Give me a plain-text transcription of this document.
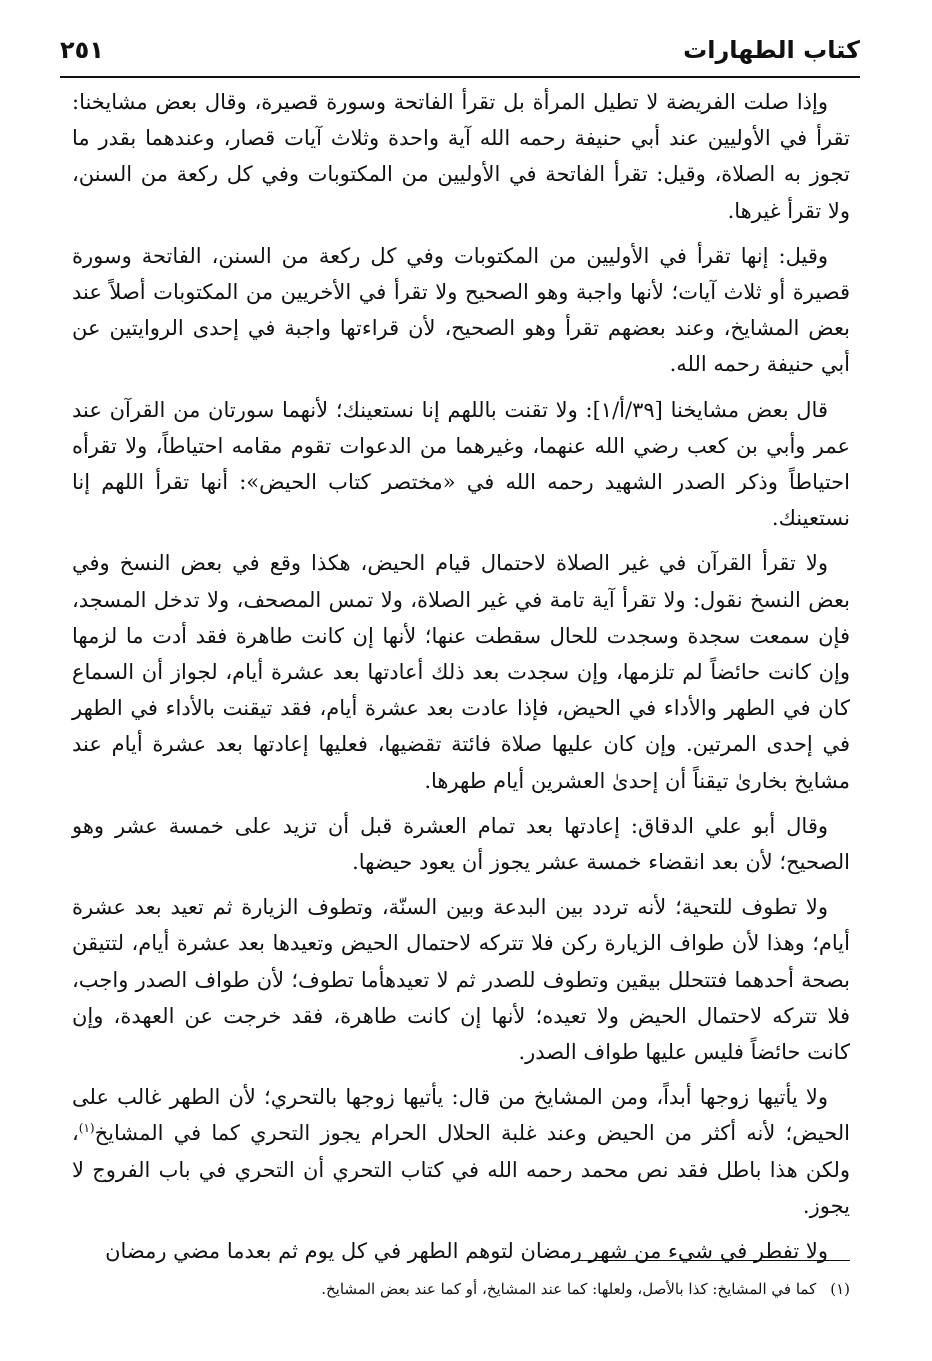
كتاب الطهارات
٢٥١

وإذا صلت الفريضة لا تطيل المرأة بل تقرأ الفاتحة وسورة قصيرة، وقال بعض مشايخنا: تقرأ في الأوليين عند أبي حنيفة رحمه الله آية واحدة وثلاث آيات قصار، وعندهما بقدر ما تجوز به الصلاة، وقيل: تقرأ الفاتحة في الأوليين من المكتوبات وفي كل ركعة من السنن، ولا تقرأ غيرها.

وقيل: إنها تقرأ في الأوليين من المكتوبات وفي كل ركعة من السنن، الفاتحة وسورة قصيرة أو ثلاث آيات؛ لأنها واجبة وهو الصحيح ولا تقرأ في الأخريين من المكتوبات أصلاً عند بعض المشايخ، وعند بعضهم تقرأ وهو الصحيح، لأن قراءتها واجبة في إحدى الروايتين عن أبي حنيفة رحمه الله.

قال بعض مشايخنا [٣٩/أ/١]: ولا تقنت باللهم إنا نستعينك؛ لأنهما سورتان من القرآن عند عمر وأبي بن كعب رضي الله عنهما، وغيرهما من الدعوات تقوم مقامه احتياطاً، ولا تقرأه احتياطاً وذكر الصدر الشهيد رحمه الله في «مختصر كتاب الحيض»: أنها تقرأ اللهم إنا نستعينك.

ولا تقرأ القرآن في غير الصلاة لاحتمال قيام الحيض، هكذا وقع في بعض النسخ وفي بعض النسخ نقول: ولا تقرأ آية تامة في غير الصلاة، ولا تمس المصحف، ولا تدخل المسجد، فإن سمعت سجدة وسجدت للحال سقطت عنها؛ لأنها إن كانت طاهرة فقد أدت ما لزمها وإن كانت حائضاً لم تلزمها، وإن سجدت بعد ذلك أعادتها بعد عشرة أيام، لجواز أن السماع كان في الطهر والأداء في الحيض، فإذا عادت بعد عشرة أيام، فقد تيقنت بالأداء في الطهر في إحدى المرتين. وإن كان عليها صلاة فائتة تقضيها، فعليها إعادتها بعد عشرة أيام عند مشايخ بخارىٰ تيقناً أن إحدىٰ العشرين أيام طهرها.

وقال أبو علي الدقاق: إعادتها بعد تمام العشرة قبل أن تزيد على خمسة عشر وهو الصحيح؛ لأن بعد انقضاء خمسة عشر يجوز أن يعود حيضها.

ولا تطوف للتحية؛ لأنه تردد بين البدعة وبين السنّة، وتطوف الزيارة ثم تعيد بعد عشرة أيام؛ وهذا لأن طواف الزيارة ركن فلا تتركه لاحتمال الحيض وتعيدها بعد عشرة أيام، لتتيقن بصحة أحدهما فتتحلل بيقين وتطوف للصدر ثم لا تعيدهأما تطوف؛ لأن طواف الصدر واجب، فلا تتركه لاحتمال الحيض ولا تعيده؛ لأنها إن كانت طاهرة، فقد خرجت عن العهدة، وإن كانت حائضاً فليس عليها طواف الصدر.

ولا يأتيها زوجها أبداً، ومن المشايخ من قال: يأتيها زوجها بالتحري؛ لأن الطهر غالب على الحيض؛ لأنه أكثر من الحيض وعند غلبة الحلال الحرام يجوز التحري كما في المشايخ$^{(١)}$، ولكن هذا باطل فقد نص محمد رحمه الله في كتاب التحري أن التحري في باب الفروج لا يجوز.

ولا تفطر في شيء من شهر رمضان لتوهم الطهر في كل يوم ثم بعدما مضي رمضان

(١)
كما في المشايخ: كذا بالأصل، ولعلها: كما عند المشايخ، أو كما عند بعض المشايخ.
